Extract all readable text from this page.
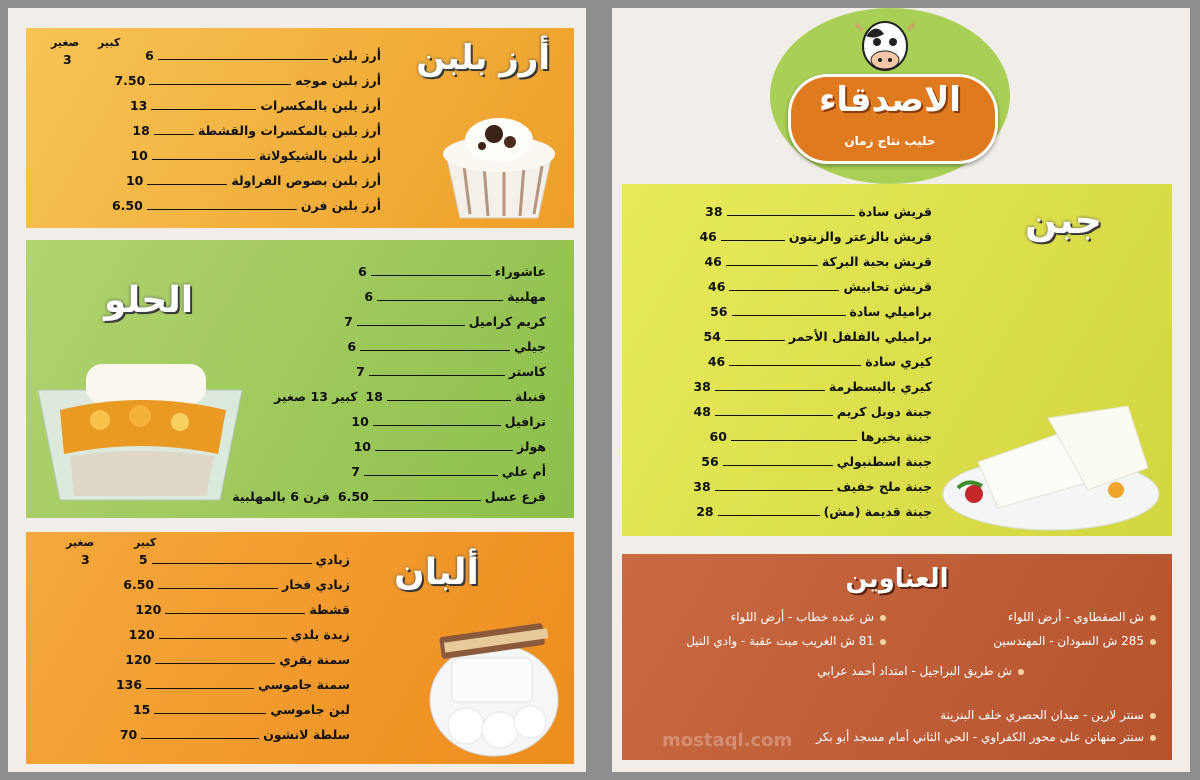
أرز بلبن
كبير
صغير
3	أرز بلبن
6
أرز بلبن موجه
7.50
أرز بلبن بالمكسرات
13
أرز بلبن بالمكسرات والقشطة
18
أرز بلبن بالشيكولاتة
10
أرز بلبن بصوص الفراولة
10
أرز بلبن فرن
6.50
الحلو
عاشوراء
6
مهلبية
6
كريم كراميل
7
جيلي
6
كاستر
7
قنبلة
18
كبير 13 صغير
ترافيل
10
هولز
10
أم علي
7
قرع عسل
6.50
فرن 6 بالمهلبية
ألبان
كبير
صغير
3	زبادي
5
زبادي فخار
6.50
قشطة
120
زبدة بلدي
120
سمنة بقري
120
سمنة جاموسي
136
لبن جاموسي
15
سلطة لانشون
70
الاصدقاء
حليب نتاج زمان
جبن
قريش سادة
38
قريش بالزعتر والزيتون
46
قريش بحبة البركة
46
قريش تحابيش
46
براميلي سادة
56
براميلي بالفلفل الأحمر
54
كيري سادة
46
كيري بالبسطرمة
38
جبنة دوبل كريم
48
جبنة بخيرها
60
جبنة اسطنبولي
56
جبنة ملح خفيف
38
جبنة قديمة (مش)
28
العناوين
ش الصفطاوي - أرض اللواء
ش عبده خطاب - أرض اللواء
285 ش السودان - المهندسين
81 ش الغريب ميت عقبة - وادي النيل
ش طريق البراجيل - امتداد أحمد عرابي
سنتر لارين - ميدان الحصري خلف البنزينة
سنتر منهاتن على محور الكفراوي - الحي الثاني أمام مسجد أبو بكر
mostaql.com
